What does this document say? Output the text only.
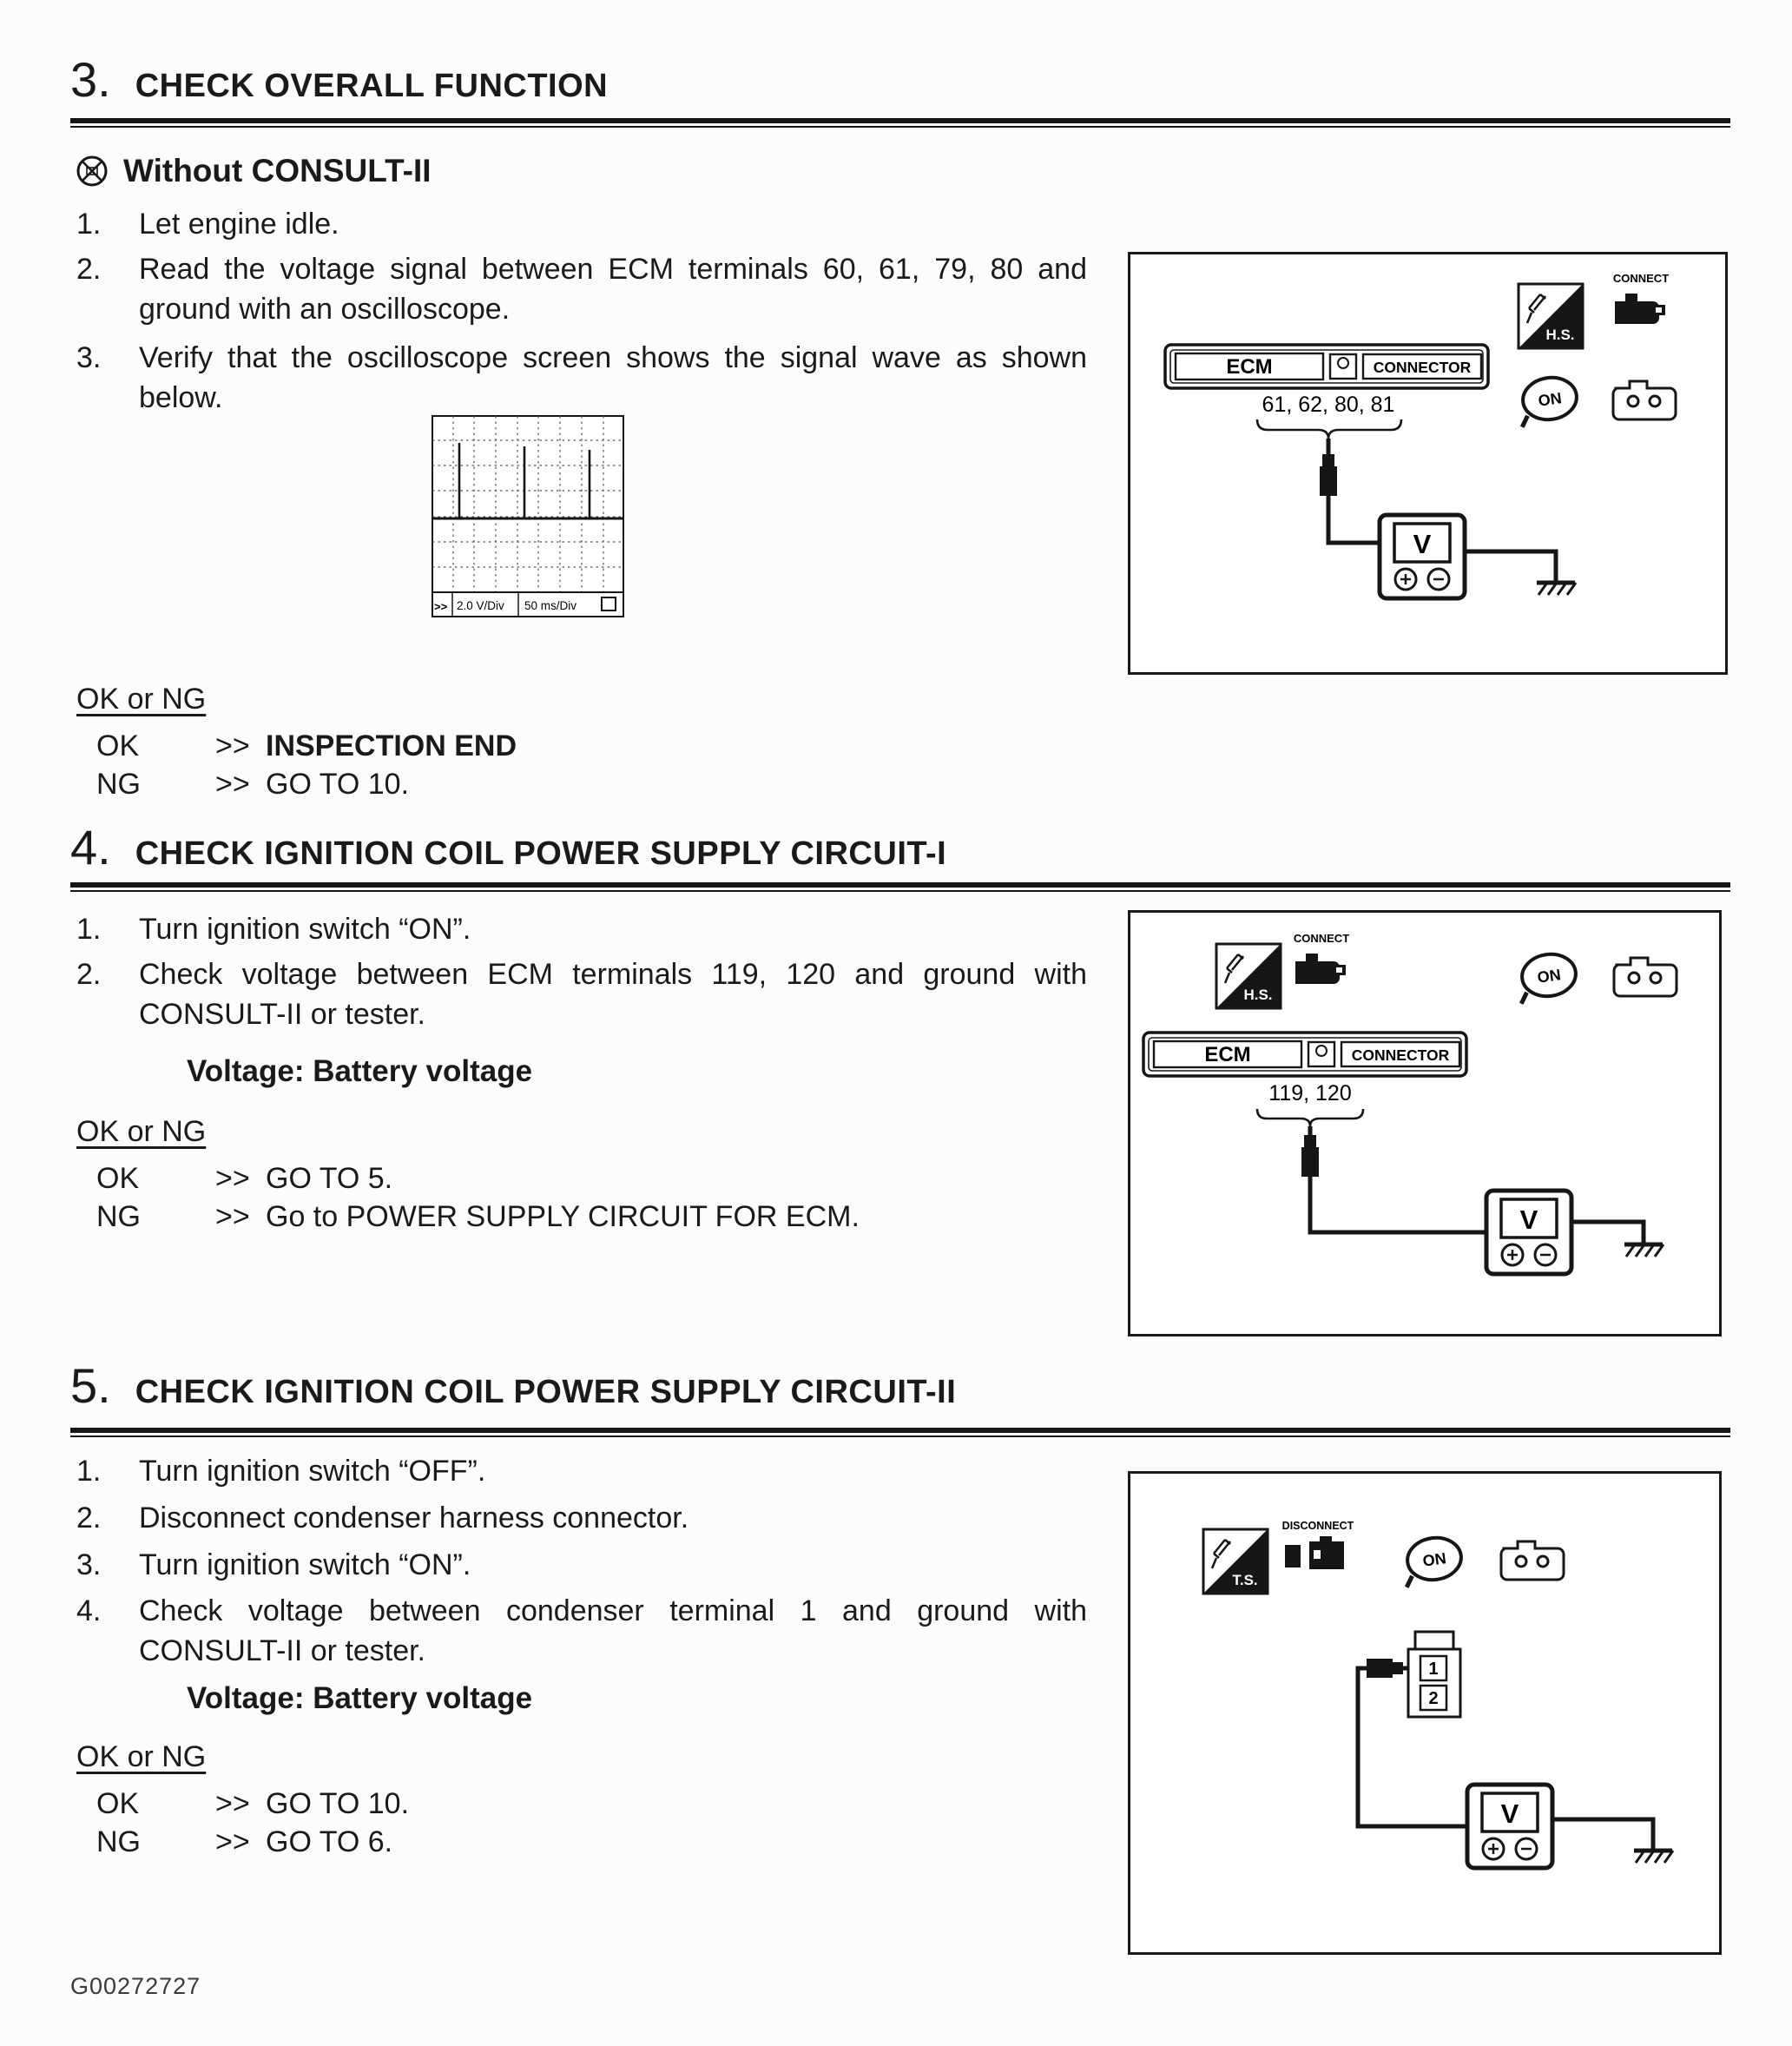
3. CHECK OVERALL FUNCTION
Without CONSULT-II
1. Let engine idle.
2. Read the voltage signal between ECM terminals 60, 61, 79, 80 and ground with an oscilloscope.
3. Verify that the oscilloscope screen shows the signal wave as shown below.
>> 2.0 V/Div 50 ms/Div
OK or NG
OK	>> INSPECTION END
NG	>> GO TO 10.
ECM	CONNECTOR
61, 62, 80, 81
V
H.S.
CONNECT
ON
4. CHECK IGNITION COIL POWER SUPPLY CIRCUIT-I
1. Turn ignition switch “ON”.
2. Check voltage between ECM terminals 119, 120 and ground with CONSULT-II or tester.
Voltage: Battery voltage
OK or NG
OK	>> GO TO 5.
NG	>> Go to POWER SUPPLY CIRCUIT FOR ECM.
H.S.
CONNECT
ON
ECM	CONNECTOR
119, 120
V
5. CHECK IGNITION COIL POWER SUPPLY CIRCUIT-II
1. Turn ignition switch “OFF”.
2. Disconnect condenser harness connector.
3. Turn ignition switch “ON”.
4. Check voltage between condenser terminal 1 and ground with CONSULT-II or tester.
Voltage: Battery voltage
OK or NG
OK	>> GO TO 10.
NG	>> GO TO 6.
T.S.
DISCONNECT
ON
1
2
V
G00272727
